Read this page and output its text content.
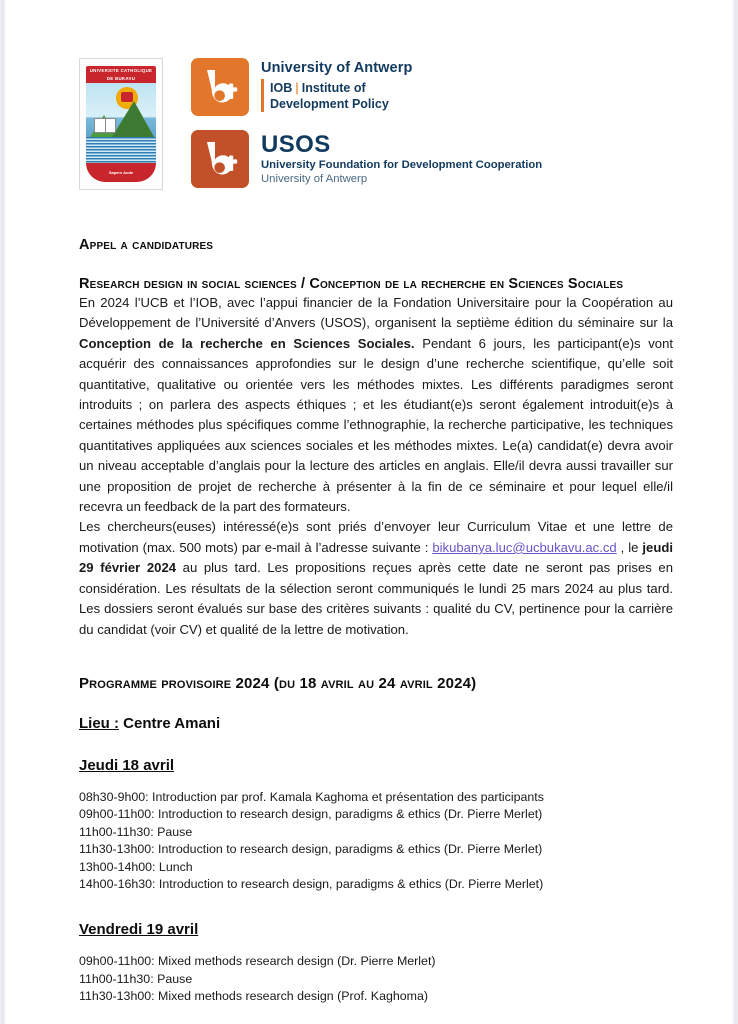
UNIVERSITE CATHOLIQUE DE BUKAVU
Sapere Aude
University of Antwerp
IOB | Institute of
Development Policy
USOS
University Foundation for Development Cooperation
University of Antwerp
Appel a candidatures
Research design in social sciences / Conception de la recherche en Sciences Sociales

En 2024 l’UCB et l’IOB, avec l’appui financier de la Fondation Universitaire pour la Coopération au Développement de l’Université d’Anvers (USOS), organisent la septième édition du séminaire sur la Conception de la recherche en Sciences Sociales. Pendant 6 jours, les participant(e)s vont acquérir des connaissances approfondies sur le design d’une recherche scientifique, qu’elle soit quantitative, qualitative ou orientée vers les méthodes mixtes. Les différents paradigmes seront introduits ; on parlera des aspects éthiques ; et les étudiant(e)s seront également introduit(e)s à certaines méthodes plus spécifiques comme l’ethnographie, la recherche participative, les techniques quantitatives appliquées aux sciences sociales et les méthodes mixtes. Le(a) candidat(e) devra avoir un niveau acceptable d’anglais pour la lecture des articles en anglais. Elle/il devra aussi travailler sur une proposition de projet de recherche à présenter à la fin de ce séminaire et pour lequel elle/il recevra un feedback de la part des formateurs.

Les chercheurs(euses) intéressé(e)s sont priés d’envoyer leur Curriculum Vitae et une lettre de motivation (max. 500 mots) par e-mail à l’adresse suivante : bikubanya.luc@ucbukavu.ac.cd , le jeudi 29 février 2024 au plus tard. Les propositions reçues après cette date ne seront pas prises en considération. Les résultats de la sélection seront communiqués le lundi 25 mars 2024 au plus tard. Les dossiers seront évalués sur base des critères suivants : qualité du CV, pertinence pour la carrière du candidat (voir CV) et qualité de la lettre de motivation.

Programme provisoire 2024 (du 18 avril au 24 avril 2024)
Lieu : Centre Amani
Jeudi 18 avril
08h30-9h00: Introduction par prof. Kamala Kaghoma et présentation des participants
09h00-11h00: Introduction to research design, paradigms & ethics (Dr. Pierre Merlet)
11h00-11h30: Pause
11h30-13h00: Introduction to research design, paradigms & ethics (Dr. Pierre Merlet)
13h00-14h00: Lunch
14h00-16h30: Introduction to research design, paradigms & ethics (Dr. Pierre Merlet)
Vendredi 19 avril
09h00-11h00: Mixed methods research design (Dr. Pierre Merlet)
11h00-11h30: Pause
11h30-13h00: Mixed methods research design (Prof. Kaghoma)
